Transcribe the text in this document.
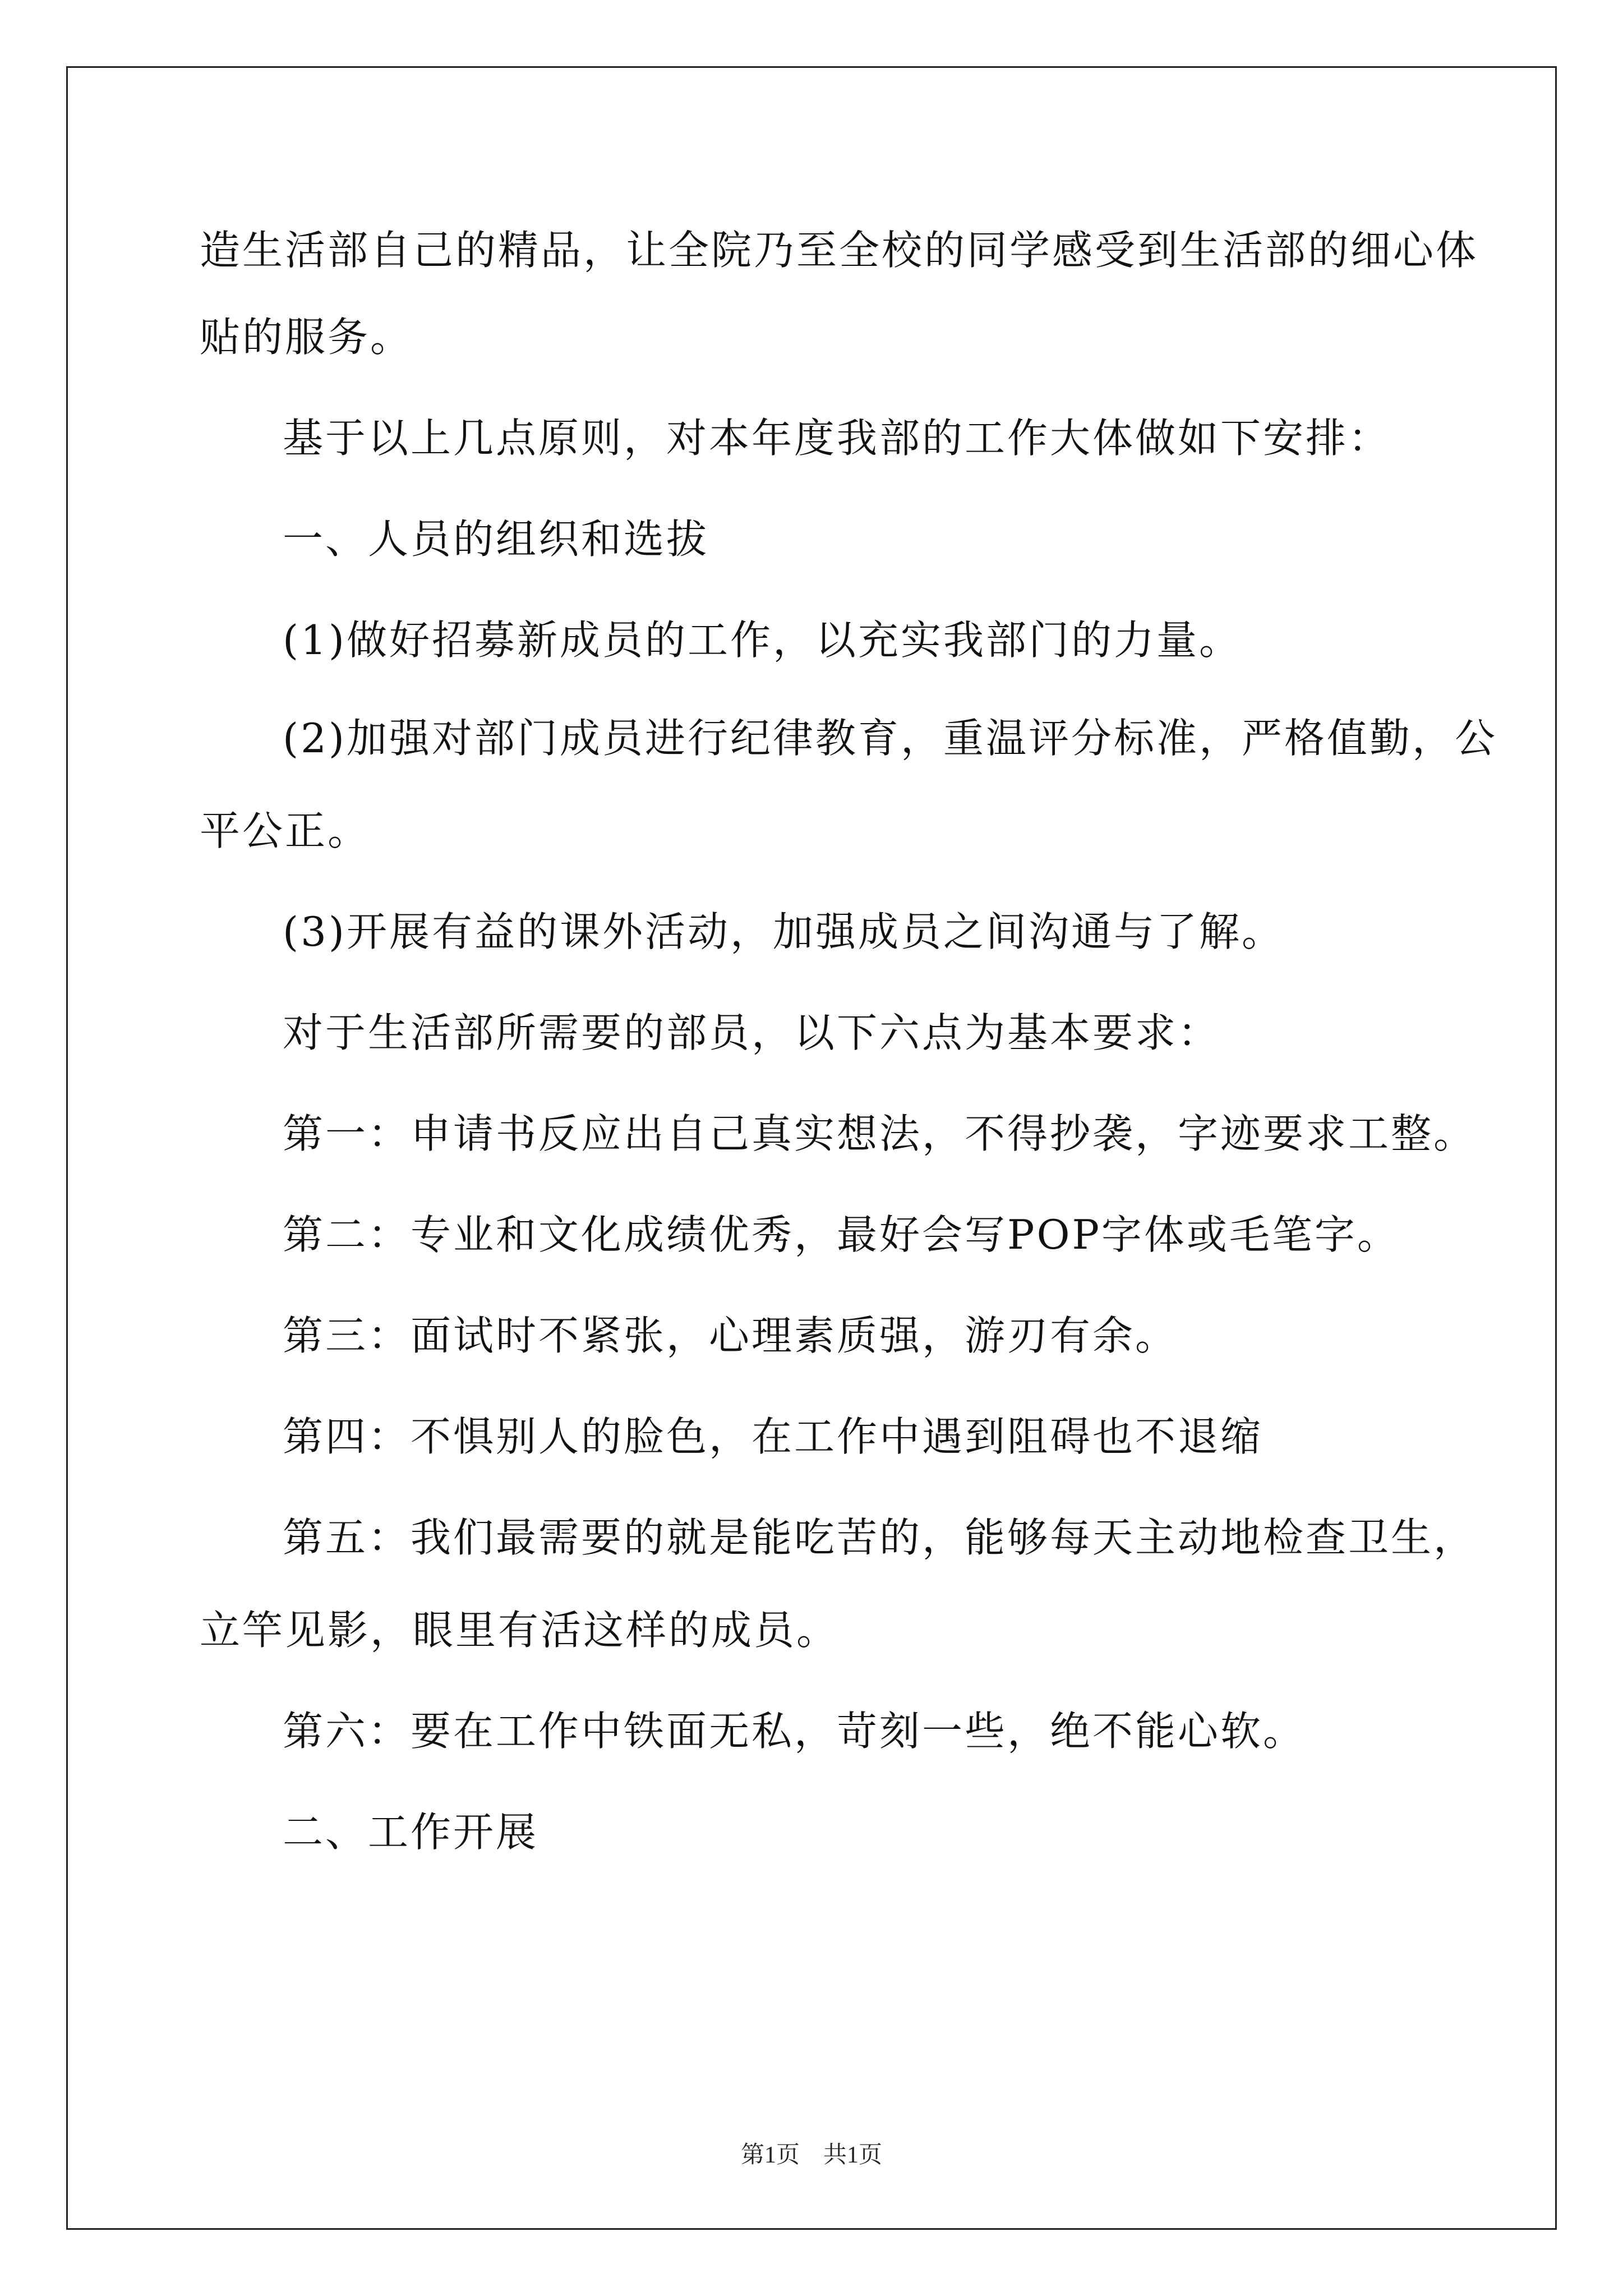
造生活部自己的精品，让全院乃至全校的同学感受到生活部的细心体
贴的服务。
基于以上几点原则，对本年度我部的工作大体做如下安排：
一、人员的组织和选拔
(1)做好招募新成员的工作，以充实我部门的力量。
(2)加强对部门成员进行纪律教育，重温评分标准，严格值勤，公
平公正。
(3)开展有益的课外活动，加强成员之间沟通与了解。
对于生活部所需要的部员，以下六点为基本要求：
第一：申请书反应出自己真实想法，不得抄袭，字迹要求工整。
第二：专业和文化成绩优秀，最好会写POP字体或毛笔字。
第三：面试时不紧张，心理素质强，游刃有余。
第四：不惧别人的脸色，在工作中遇到阻碍也不退缩
第五：我们最需要的就是能吃苦的，能够每天主动地检查卫生，
立竿见影，眼里有活这样的成员。
第六：要在工作中铁面无私，苛刻一些，绝不能心软。
二、工作开展
第1页　共1页
